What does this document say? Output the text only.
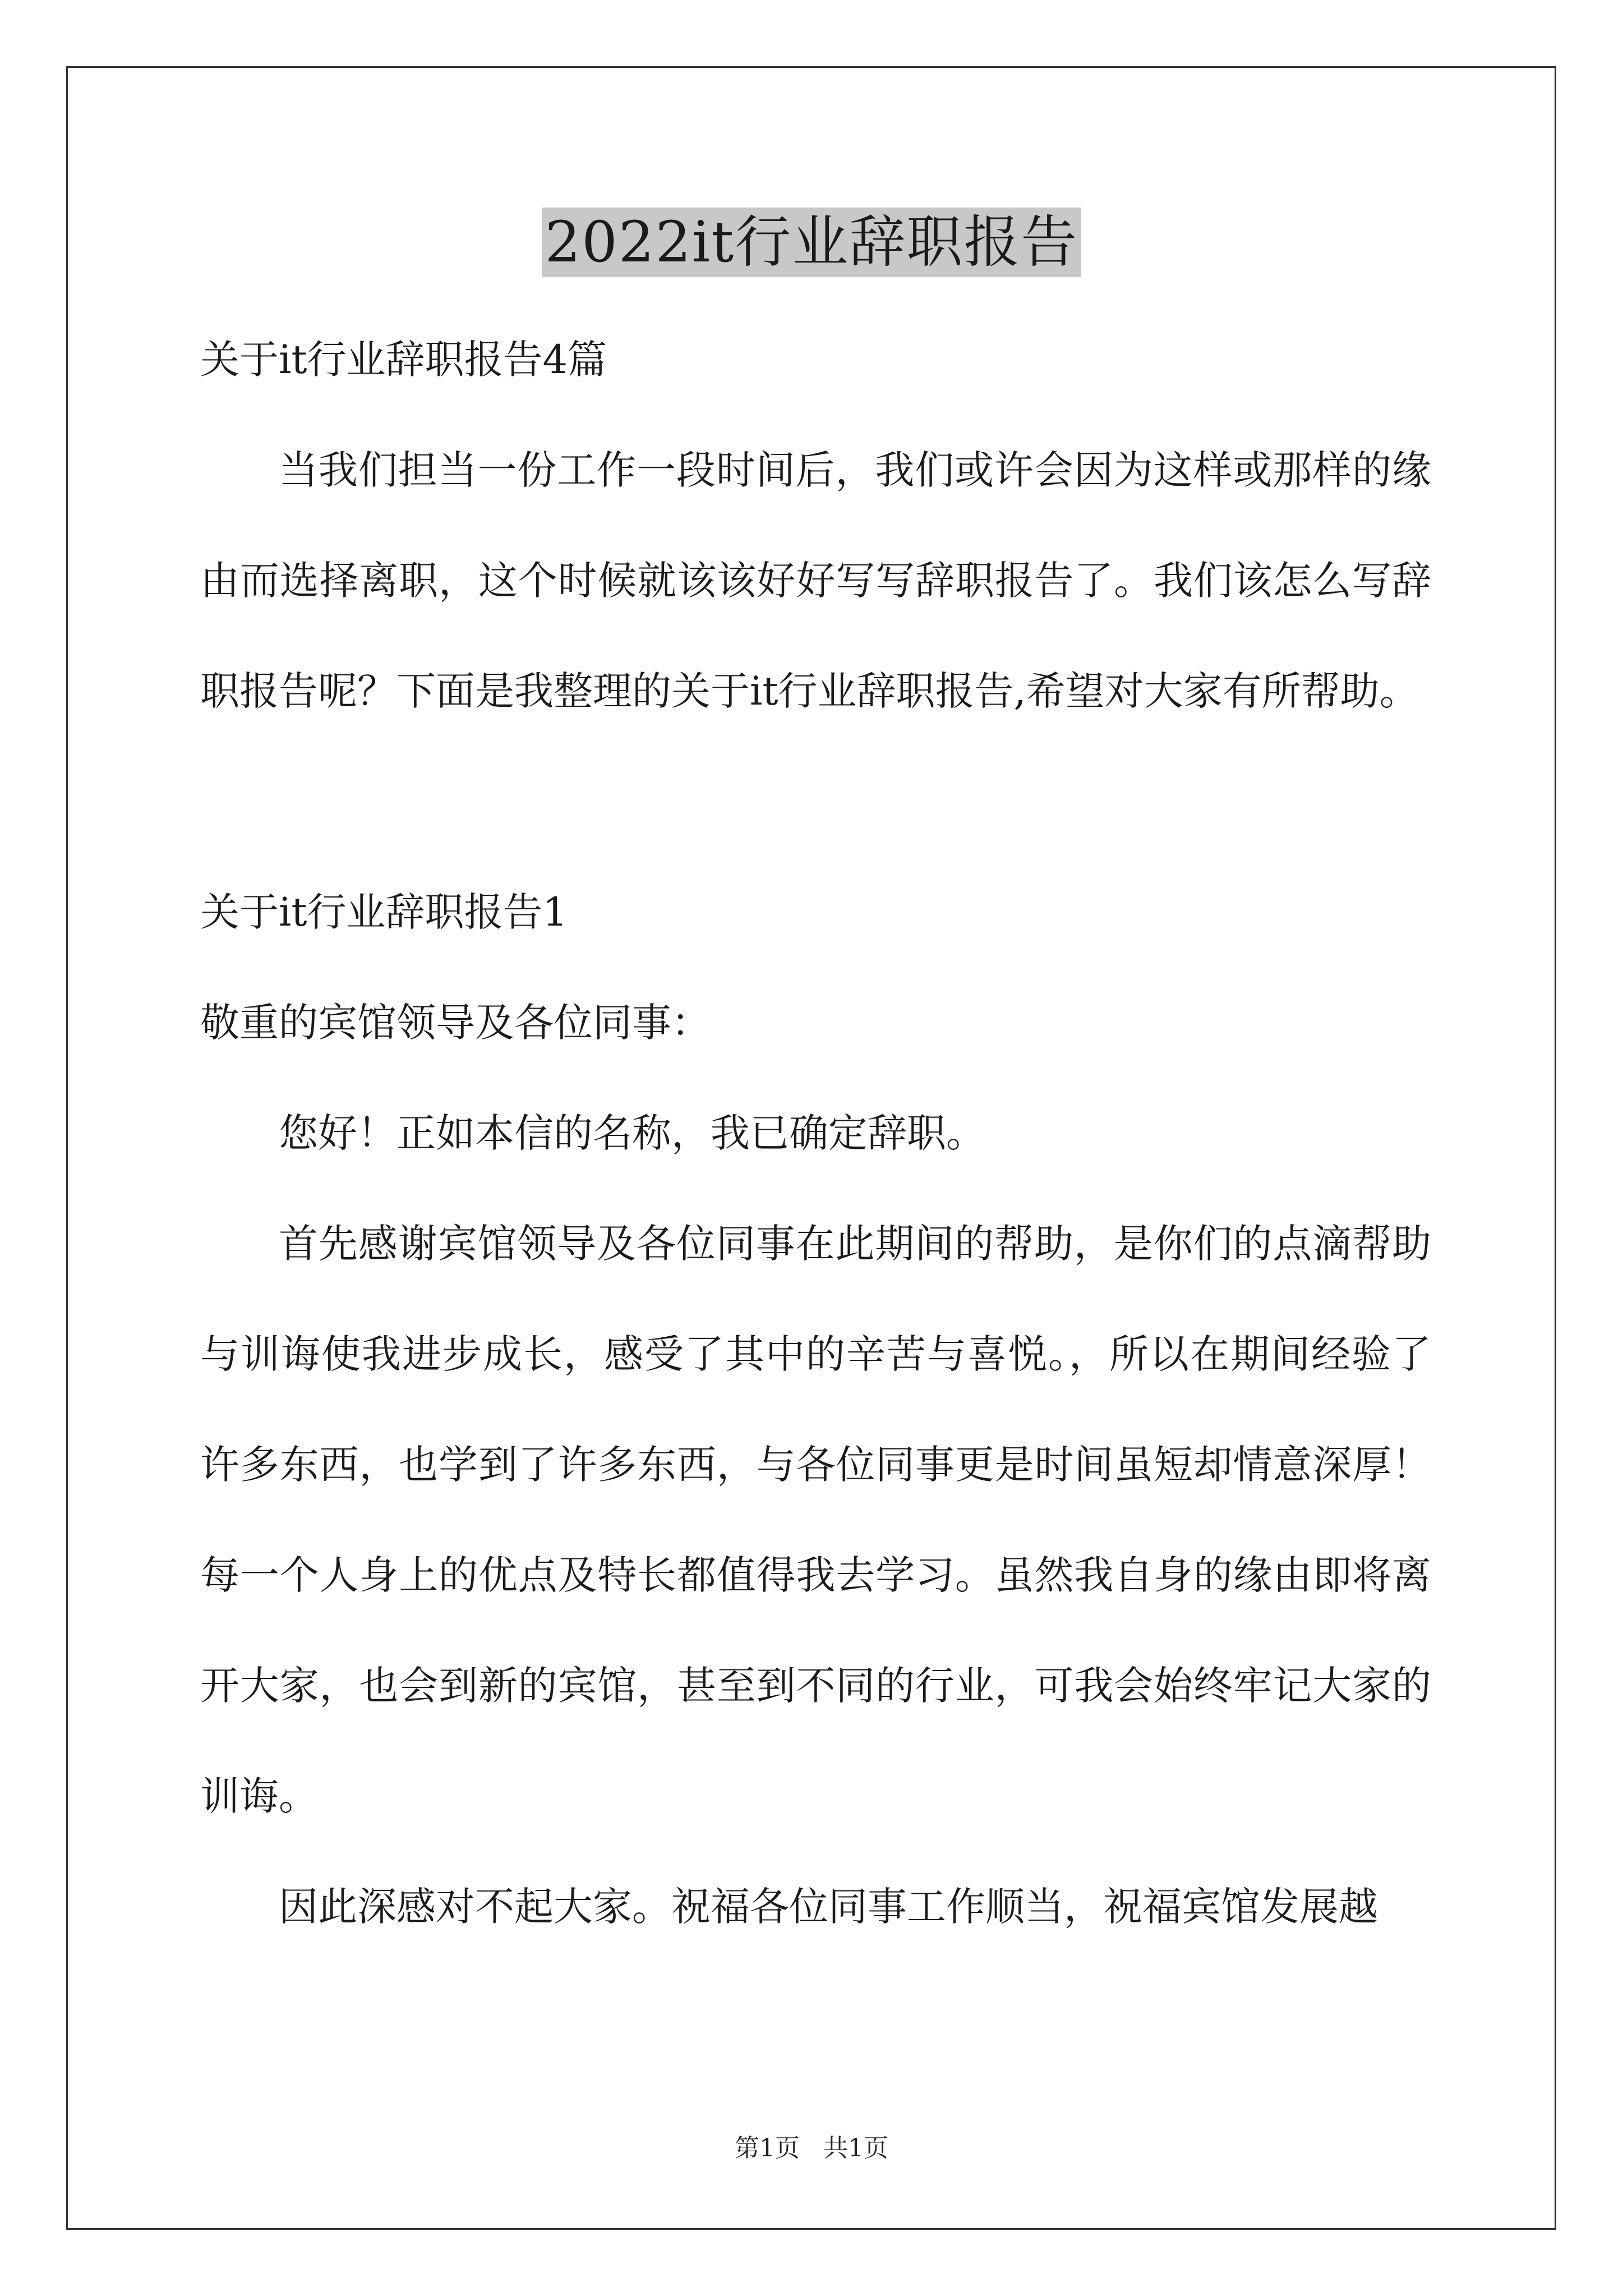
2022it行业辞职报告
关于it行业辞职报告4篇

当我们担当一份工作一段时间后，我们或许会因为这样或那样的缘由而选择离职，这个时候就该该好好写写辞职报告了。我们该怎么写辞职报告呢？下面是我整理的关于it行业辞职报告,希望对大家有所帮助。

关于it行业辞职报告1
敬重的宾馆领导及各位同事：

您好！正如本信的名称，我已确定辞职。

首先感谢宾馆领导及各位同事在此期间的帮助，是你们的点滴帮助与训诲使我进步成长，感受了其中的辛苦与喜悦。，所以在期间经验了许多东西，也学到了许多东西，与各位同事更是时间虽短却情意深厚！每一个人身上的优点及特长都值得我去学习。虽然我自身的缘由即将离开大家，也会到新的宾馆，甚至到不同的行业，可我会始终牢记大家的训诲。

因此深感对不起大家。祝福各位同事工作顺当，祝福宾馆发展越

第1页   共1页
